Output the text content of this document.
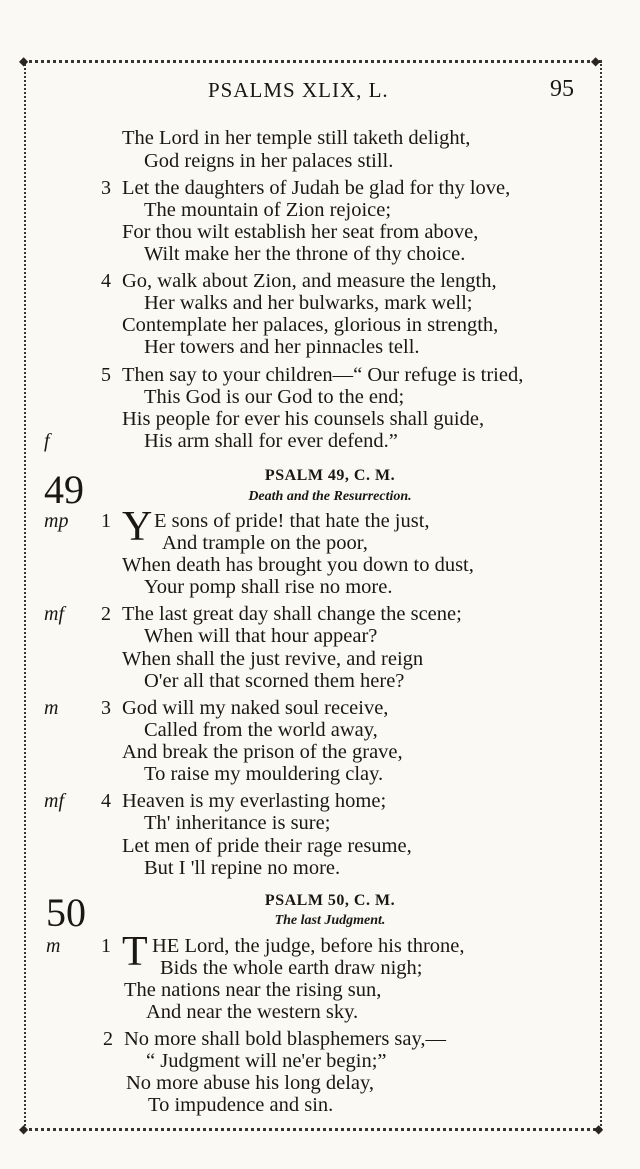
◆	◆
◆	◆
PSALMS XLIX, L.	95
The Lord in her temple still taketh delight,
God reigns in her palaces still.
3 Let the daughters of Judah be glad for thy love,
The mountain of Zion rejoice;
For thou wilt establish her seat from above,
Wilt make her the throne of thy choice.
4 Go, walk about Zion, and measure the length,
Her walks and her bulwarks, mark well;
Contemplate her palaces, glorious in strength,
Her towers and her pinnacles tell.
5 Then say to your children—“ Our refuge is tried,
This God is our God to the end;
His people for ever his counsels shall guide,
f	His arm shall for ever defend.”
49	PSALM 49, C. M.
Death and the Resurrection.
mp 1 Y E sons of pride! that hate the just,
And trample on the poor,
When death has brought you down to dust,
Your pomp shall rise no more.
mf 2 The last great day shall change the scene;
When will that hour appear?
When shall the just revive, and reign
O'er all that scorned them here?
m 3 God will my naked soul receive,
Called from the world away,
And break the prison of the grave,
To raise my mouldering clay.
mf 4 Heaven is my everlasting home;
Th' inheritance is sure;
Let men of pride their rage resume,
But I 'll repine no more.
50	PSALM 50, C. M.
The last Judgment.
m 1 T HE Lord, the judge, before his throne,
Bids the whole earth draw nigh;
The nations near the rising sun,
And near the western sky.
2 No more shall bold blasphemers say,—
“ Judgment will ne'er begin;”
No more abuse his long delay,
To impudence and sin.
